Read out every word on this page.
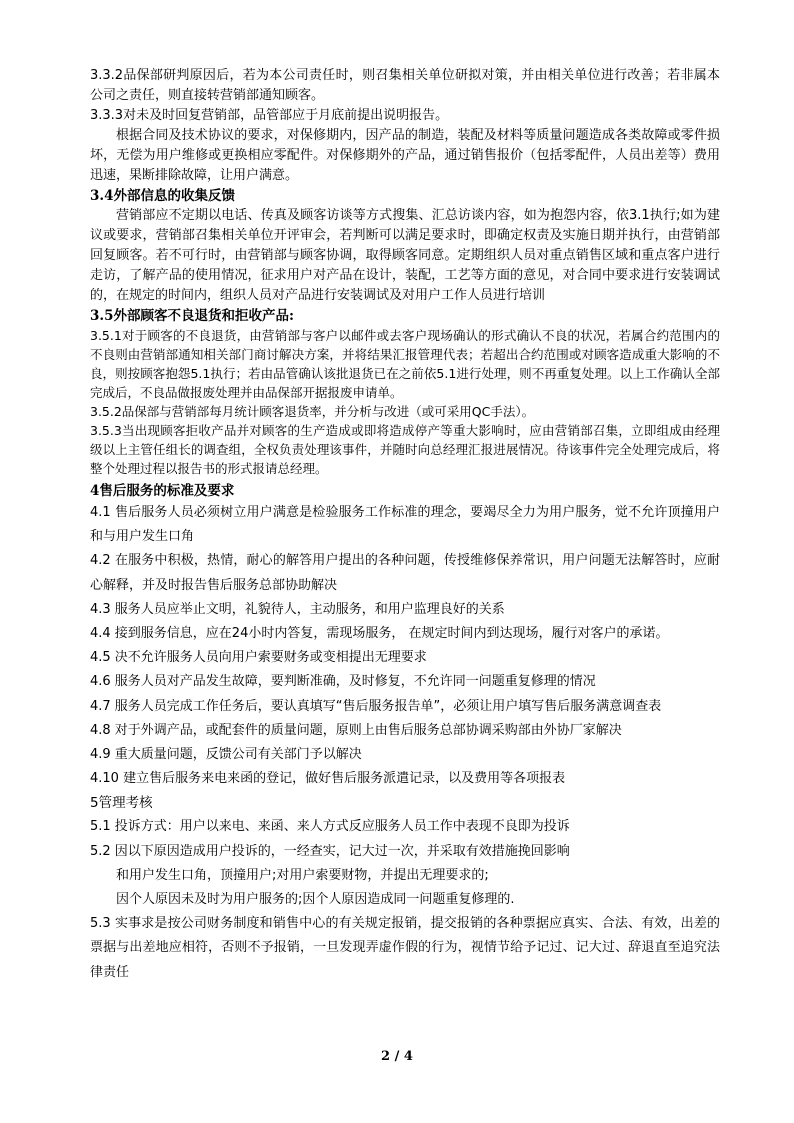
3.3.2品保部研判原因后，若为本公司责任时，则召集相关单位研拟对策，并由相关单位进行改善；若非属本公司之责任，则直接转营销部通知顾客。

3.3.3对未及时回复营销部，品管部应于月底前提出说明报告。

根据合同及技术协议的要求，对保修期内，因产品的制造，装配及材料等质量问题造成各类故障或零件损坏，无偿为用户维修或更换相应零配件。对保修期外的产品，通过销售报价（包括零配件，人员出差等）费用迅速，果断排除故障，让用户满意。

3.4外部信息的收集反馈

营销部应不定期以电话、传真及顾客访谈等方式搜集、汇总访谈内容，如为抱怨内容，依3.1执行;如为建议或要求，营销部召集相关单位开评审会，若判断可以满足要求时，即确定权责及实施日期并执行，由营销部回复顾客。若不可行时，由营销部与顾客协调，取得顾客同意。定期组织人员对重点销售区域和重点客户进行走访，了解产品的使用情况，征求用户对产品在设计，装配，工艺等方面的意见，对合同中要求进行安装调试的，在规定的时间内，组织人员对产品进行安装调试及对用户工作人员进行培训

3.5外部顾客不良退货和拒收产品:

3.5.1对于顾客的不良退货，由营销部与客户以邮件或去客户现场确认的形式确认不良的状况，若属合约范围内的不良则由营销部通知相关部门商讨解决方案，并将结果汇报管理代表；若超出合约范围或对顾客造成重大影响的不良，则按顾客抱怨5.1执行；若由品管确认该批退货已在之前依5.1进行处理，则不再重复处理。以上工作确认全部完成后，不良品做报废处理并由品保部开据报废申请单。

3.5.2品保部与营销部每月统计顾客退货率，并分析与改进（或可采用QC手法）。

3.5.3当出现顾客拒收产品并对顾客的生产造成或即将造成停产等重大影响时，应由营销部召集，立即组成由经理级以上主管任组长的调查组，全权负责处理该事件，并随时向总经理汇报进展情况。待该事件完全处理完成后，将整个处理过程以报告书的形式报请总经理。

4售后服务的标准及要求

4.1 售后服务人员必须树立用户满意是检验服务工作标准的理念，要竭尽全力为用户服务，觉不允许顶撞用户和与用户发生口角

4.2 在服务中积极，热情，耐心的解答用户提出的各种问题，传授维修保养常识，用户问题无法解答时，应耐心解释，并及时报告售后服务总部协助解决

4.3 服务人员应举止文明，礼貌待人，主动服务，和用户监理良好的关系

4.4 接到服务信息，应在24小时内答复，需现场服务， 在规定时间内到达现场，履行对客户的承诺。

4.5 决不允许服务人员向用户索要财务或变相提出无理要求

4.6 服务人员对产品发生故障，要判断准确，及时修复，不允许同一问题重复修理的情况

4.7 服务人员完成工作任务后，要认真填写“售后服务报告单”，必须让用户填写售后服务满意调查表

4.8 对于外调产品，或配套件的质量问题，原则上由售后服务总部协调采购部由外协厂家解决

4.9 重大质量问题，反馈公司有关部门予以解决

4.10 建立售后服务来电来函的登记，做好售后服务派遣记录，以及费用等各项报表

5管理考核

5.1 投诉方式：用户以来电、来函、来人方式反应服务人员工作中表现不良即为投诉

5.2 因以下原因造成用户投诉的，一经查实，记大过一次，并采取有效措施挽回影响

和用户发生口角，顶撞用户;对用户索要财物，并提出无理要求的;

因个人原因未及时为用户服务的;因个人原因造成同一问题重复修理的.

5.3 实事求是按公司财务制度和销售中心的有关规定报销，提交报销的各种票据应真实、合法、有效，出差的票据与出差地应相符，否则不予报销，一旦发现弄虚作假的行为，视情节给予记过、记大过、辞退直至追究法律责任

2 / 4
